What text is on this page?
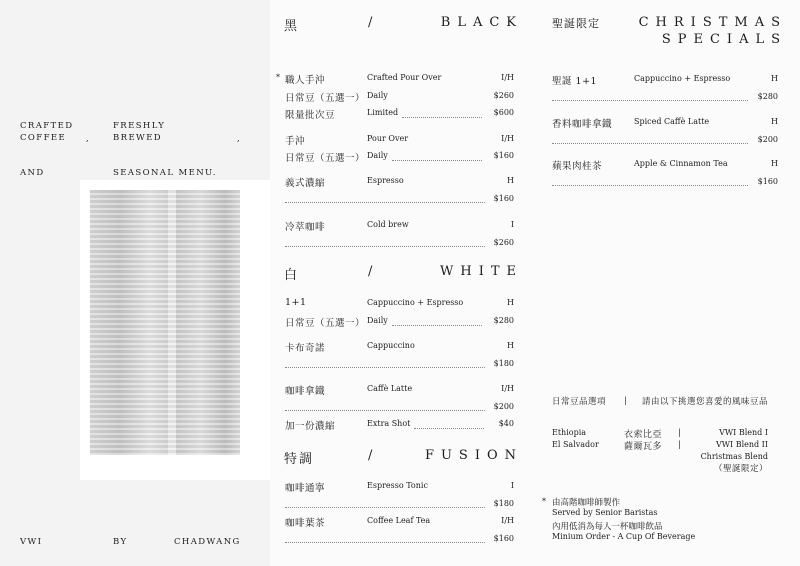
CRAFTED
COFFEE	,
FRESHLY
BREWED	,
AND	SEASONAL MENU.
VWI	BY	CHADWANG
黑	/	BLACK
* 職人手沖	Crafted Pour Over	I/H
日常豆（五選一） Daily	$260
限量批次豆	Limited	$600
手沖	Pour Over	I/H
日常豆（五選一） Daily	$160
義式濃縮	Espresso	H
$160
冷萃咖啡	Cold brew	I
$260
白	/	WHITE
1+1	Cappuccino + Espresso	H
日常豆（五選一） Daily	$280
卡布奇諾	Cappuccino	H
$180
咖啡拿鐵	Caffè Latte	I/H
$200
加一份濃縮	Extra Shot	$40
特調	/	FUSION
咖啡通寧	Espresso Tonic	I
$180
咖啡葉茶	Coffee Leaf Tea	I/H
$160
聖誕限定	CHRISTMAS
SPECIALS
聖誕 1+1	Cappuccino + Espresso	H
$280
香料咖啡拿鐵	Spiced Caffè Latte	H
$200
蘋果肉桂茶	Apple & Cinnamon Tea	H
$160
日常豆品選項 | 請由以下挑選您喜愛的風味豆品
Ethiopia	衣索比亞 |	VWI Blend I
El Salvador	薩爾瓦多 |	VWI Blend II
Christmas Blend
（聖誕限定）
* 由高階咖啡師製作
Served by Senior Baristas
內用低消為每人一杯咖啡飲品
Minium Order - A Cup Of Beverage
